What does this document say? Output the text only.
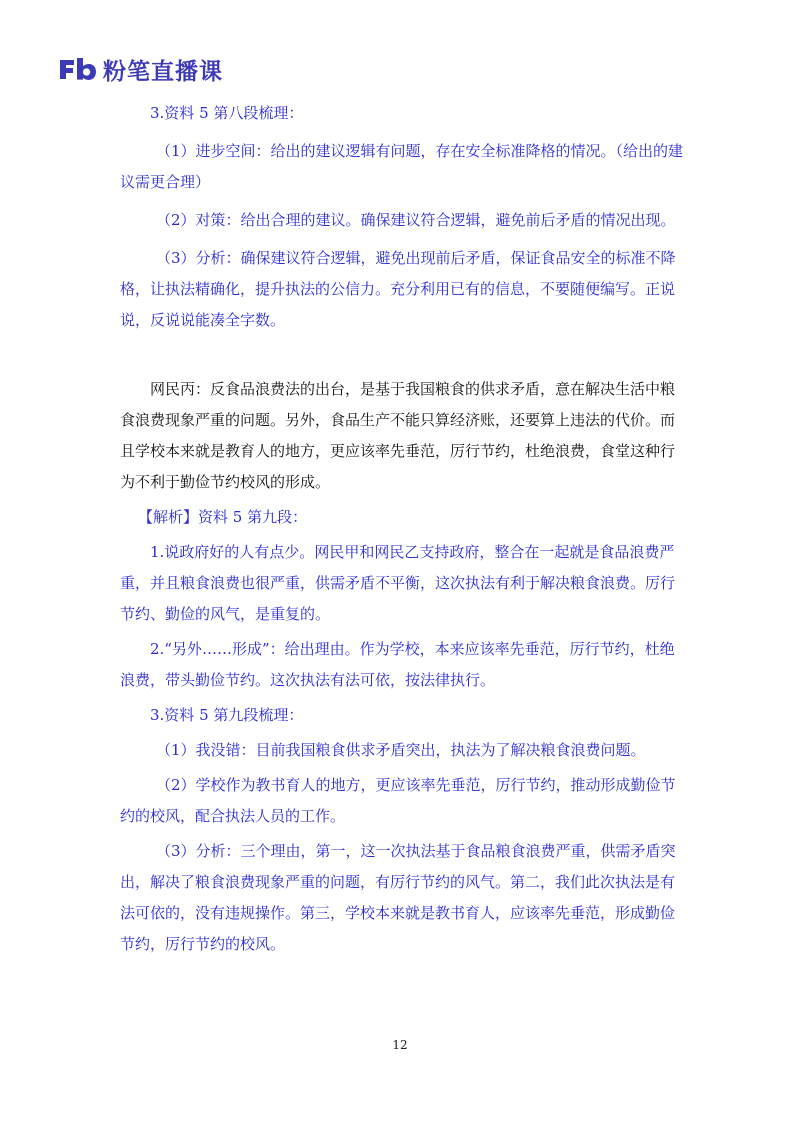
粉笔直播课

3.资料 5 第八段梳理：

（1）进步空间：给出的建议逻辑有问题，存在安全标准降格的情况。（给出的建议需更合理）

（2）对策：给出合理的建议。确保建议符合逻辑，避免前后矛盾的情况出现。

（3）分析：确保建议符合逻辑，避免出现前后矛盾，保证食品安全的标准不降格，让执法精确化，提升执法的公信力。充分利用已有的信息，不要随便编写。正说说，反说说能凑全字数。

网民丙：反食品浪费法的出台，是基于我国粮食的供求矛盾，意在解决生活中粮食浪费现象严重的问题。另外，食品生产不能只算经济账，还要算上违法的代价。而且学校本来就是教育人的地方，更应该率先垂范，厉行节约，杜绝浪费，食堂这种行为不利于勤俭节约校风的形成。

【解析】资料 5 第九段：

1.说政府好的人有点少。网民甲和网民乙支持政府，整合在一起就是食品浪费严重，并且粮食浪费也很严重，供需矛盾不平衡，这次执法有利于解决粮食浪费。厉行节约、勤俭的风气，是重复的。

2.“另外……形成”：给出理由。作为学校，本来应该率先垂范，厉行节约，杜绝浪费，带头勤俭节约。这次执法有法可依，按法律执行。

3.资料 5 第九段梳理：

（1）我没错：目前我国粮食供求矛盾突出，执法为了解决粮食浪费问题。

（2）学校作为教书育人的地方，更应该率先垂范，厉行节约，推动形成勤俭节约的校风，配合执法人员的工作。

（3）分析：三个理由，第一，这一次执法基于食品粮食浪费严重，供需矛盾突出，解决了粮食浪费现象严重的问题，有厉行节约的风气。第二，我们此次执法是有法可依的，没有违规操作。第三，学校本来就是教书育人，应该率先垂范，形成勤俭节约，厉行节约的校风。

12
